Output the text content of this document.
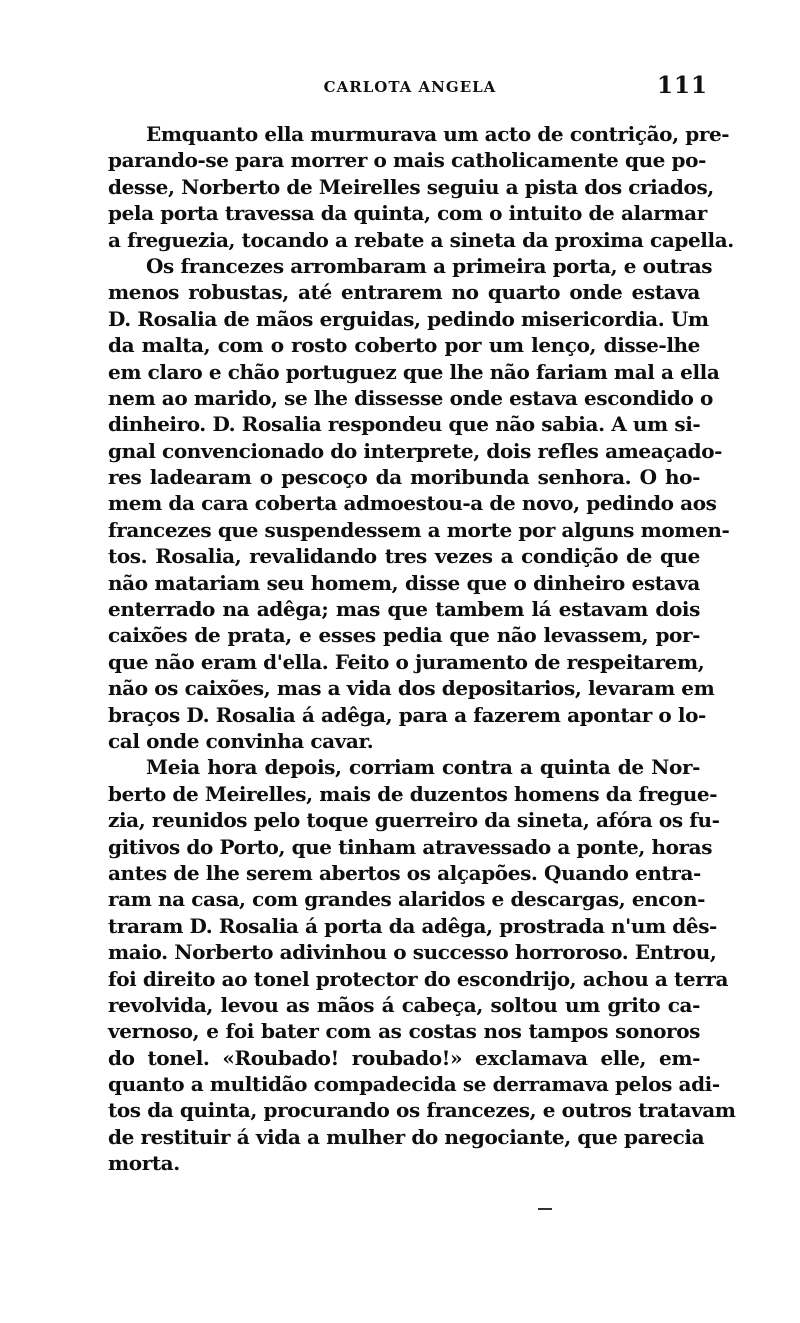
CARLOTA ANGELA	111
Emquanto ella murmurava um acto de contrição, pre-
parando-se para morrer o mais catholicamente que po-
desse, Norberto de Meirelles seguiu a pista dos criados,
pela porta travessa da quinta, com o intuito de alarmar
a freguezia, tocando a rebate a sineta da proxima capella.
Os francezes arrombaram a primeira porta, e outras
menos robustas, até entrarem no quarto onde estava
D. Rosalia de mãos erguidas, pedindo misericordia. Um
da malta, com o rosto coberto por um lenço, disse-lhe
em claro e chão portuguez que lhe não fariam mal a ella
nem ao marido, se lhe dissesse onde estava escondido o
dinheiro. D. Rosalia respondeu que não sabia. A um si-
gnal convencionado do interprete, dois refles ameaçado-
res ladearam o pescoço da moribunda senhora. O ho-
mem da cara coberta admoestou-a de novo, pedindo aos
francezes que suspendessem a morte por alguns momen-
tos. Rosalia, revalidando tres vezes a condição de que
não matariam seu homem, disse que o dinheiro estava
enterrado na adêga; mas que tambem lá estavam dois
caixões de prata, e esses pedia que não levassem, por-
que não eram d'ella. Feito o juramento de respeitarem,
não os caixões, mas a vida dos depositarios, levaram em
braços D. Rosalia á adêga, para a fazerem apontar o lo-
cal onde convinha cavar.
Meia hora depois, corriam contra a quinta de Nor-
berto de Meirelles, mais de duzentos homens da fregue-
zia, reunidos pelo toque guerreiro da sineta, afóra os fu-
gitivos do Porto, que tinham atravessado a ponte, horas
antes de lhe serem abertos os alçapões. Quando entra-
ram na casa, com grandes alaridos e descargas, encon-
traram D. Rosalia á porta da adêga, prostrada n'um dês-
maio. Norberto adivinhou o successo horroroso. Entrou,
foi direito ao tonel protector do escondrijo, achou a terra
revolvida, levou as mãos á cabeça, soltou um grito ca-
vernoso, e foi bater com as costas nos tampos sonoros
do tonel. «Roubado! roubado!» exclamava elle, em-
quanto a multidão compadecida se derramava pelos adi-
tos da quinta, procurando os francezes, e outros tratavam
de restituir á vida a mulher do negociante, que parecia
morta.
